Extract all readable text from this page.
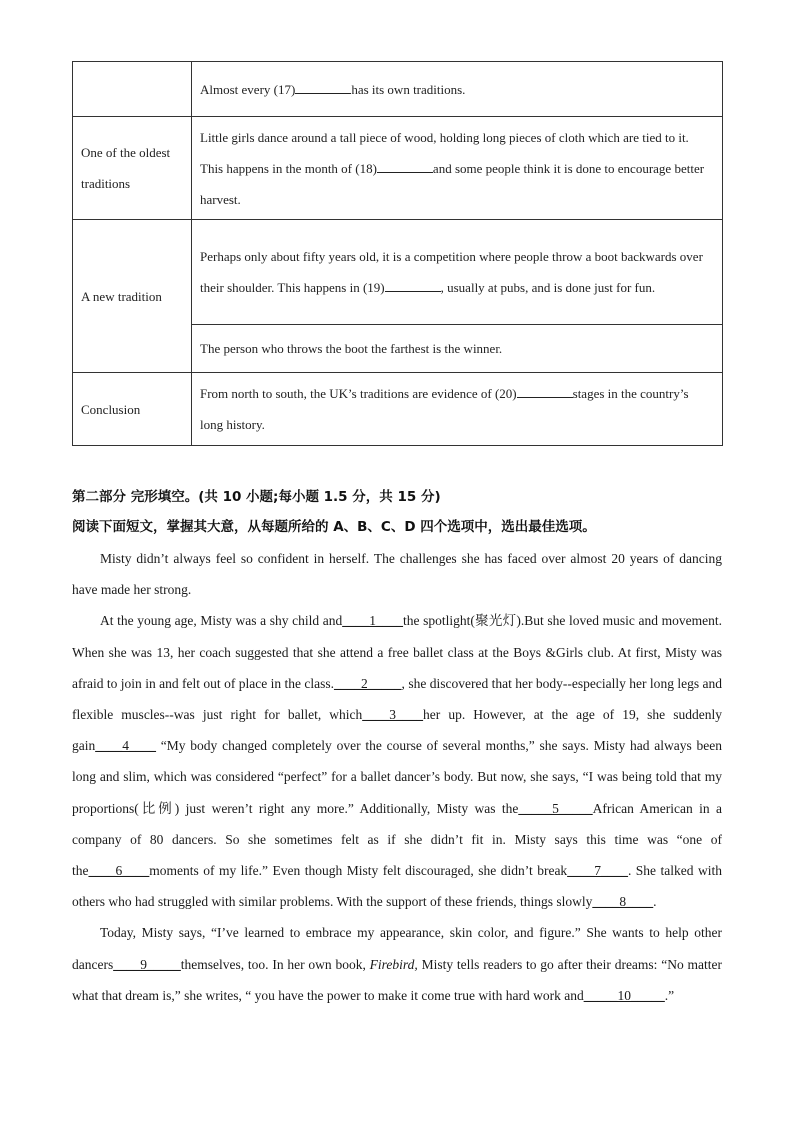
	Almost every (17) has its own traditions.
One of the oldest traditions	Little girls dance around a tall piece of wood, holding long pieces of cloth which are tied to it. This happens in the month of (18) and some people think it is done to encourage better harvest.
A new tradition	Perhaps only about fifty years old, it is a competition where people throw a boot backwards over their shoulder. This happens in (19) , usually at pubs, and is done just for fun.
	The person who throws the boot the farthest is the winner.
Conclusion	From north to south, the UK’s traditions are evidence of (20) stages in the country’s long history.
第二部分 完形填空。(共 10 小题;每小题 1.5 分，共 15 分)
阅读下面短文，掌握其大意，从每题所给的 A、B、C、D 四个选项中，选出最佳选项。

Misty didn’t always feel so confident in herself. The challenges she has faced over almost 20 years of dancing have made her strong.

At the young age, Misty was a shy child and____1____the spotlight(聚光灯).But she loved music and movement. When she was 13, her coach suggested that she attend a free ballet class at the Boys &Girls club. At first, Misty was afraid to join in and felt out of place in the class.____2_____, she discovered that her body--especially her long legs and flexible muscles--was just right for ballet, which____3____her up. However, at the age of 19, she suddenly gain____4____ “My body changed completely over the course of several months,” she says. Misty had always been long and slim, which was considered “perfect” for a ballet dancer’s body. But now, she says, “I was being told that my proportions(比例) just weren’t right any more.” Additionally, Misty was the_____5_____African American in a company of 80 dancers. So she sometimes felt as if she didn’t fit in. Misty says this time was “one of the____6____moments of my life.” Even though Misty felt discouraged, she didn’t break____7____. She talked with others who had struggled with similar problems. With the support of these friends, things slowly____8____.

Today, Misty says, “I’ve learned to embrace my appearance, skin color, and figure.” She wants to help other dancers____9_____themselves, too. In her own book, Firebird, Misty tells readers to go after their dreams: “No matter what that dream is,” she writes, “ you have the power to make it come true with hard work and_____10_____.”
